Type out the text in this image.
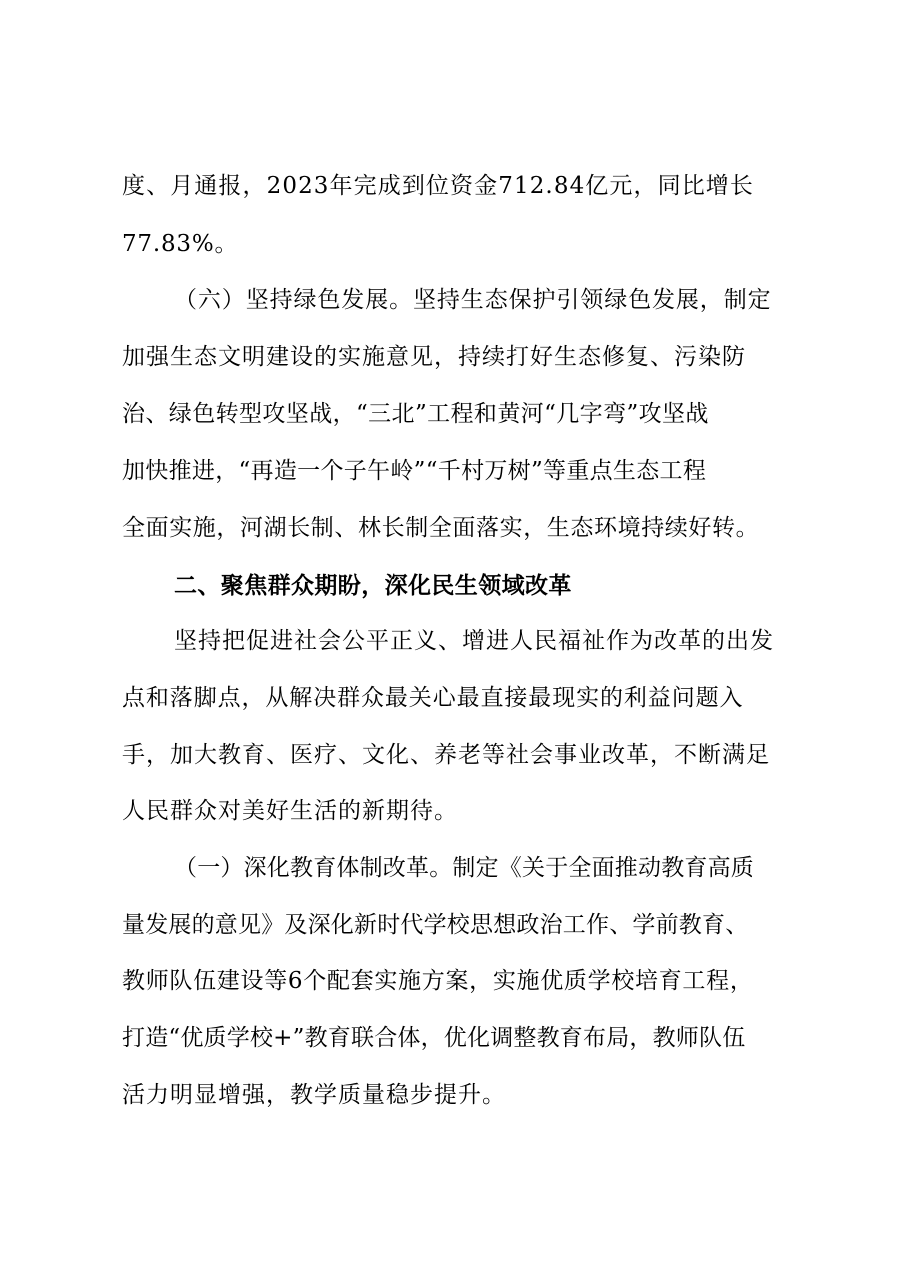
度、月通报，2023年完成到位资金712.84亿元，同比增长
77.83%。
（六）坚持绿色发展。坚持生态保护引领绿色发展，制定
加强生态文明建设的实施意见，持续打好生态修复、污染防
治、绿色转型攻坚战，“三北”工程和黄河“几字弯”攻坚战
加快推进，“再造一个子午岭”“千村万树”等重点生态工程
全面实施，河湖长制、林长制全面落实，生态环境持续好转。
二、聚焦群众期盼，深化民生领域改革
坚持把促进社会公平正义、增进人民福祉作为改革的出发
点和落脚点，从解决群众最关心最直接最现实的利益问题入
手，加大教育、医疗、文化、养老等社会事业改革，不断满足
人民群众对美好生活的新期待。
（一）深化教育体制改革。制定《关于全面推动教育高质
量发展的意见》及深化新时代学校思想政治工作、学前教育、
教师队伍建设等6个配套实施方案，实施优质学校培育工程，
打造“优质学校+”教育联合体，优化调整教育布局，教师队伍
活力明显增强，教学质量稳步提升。
